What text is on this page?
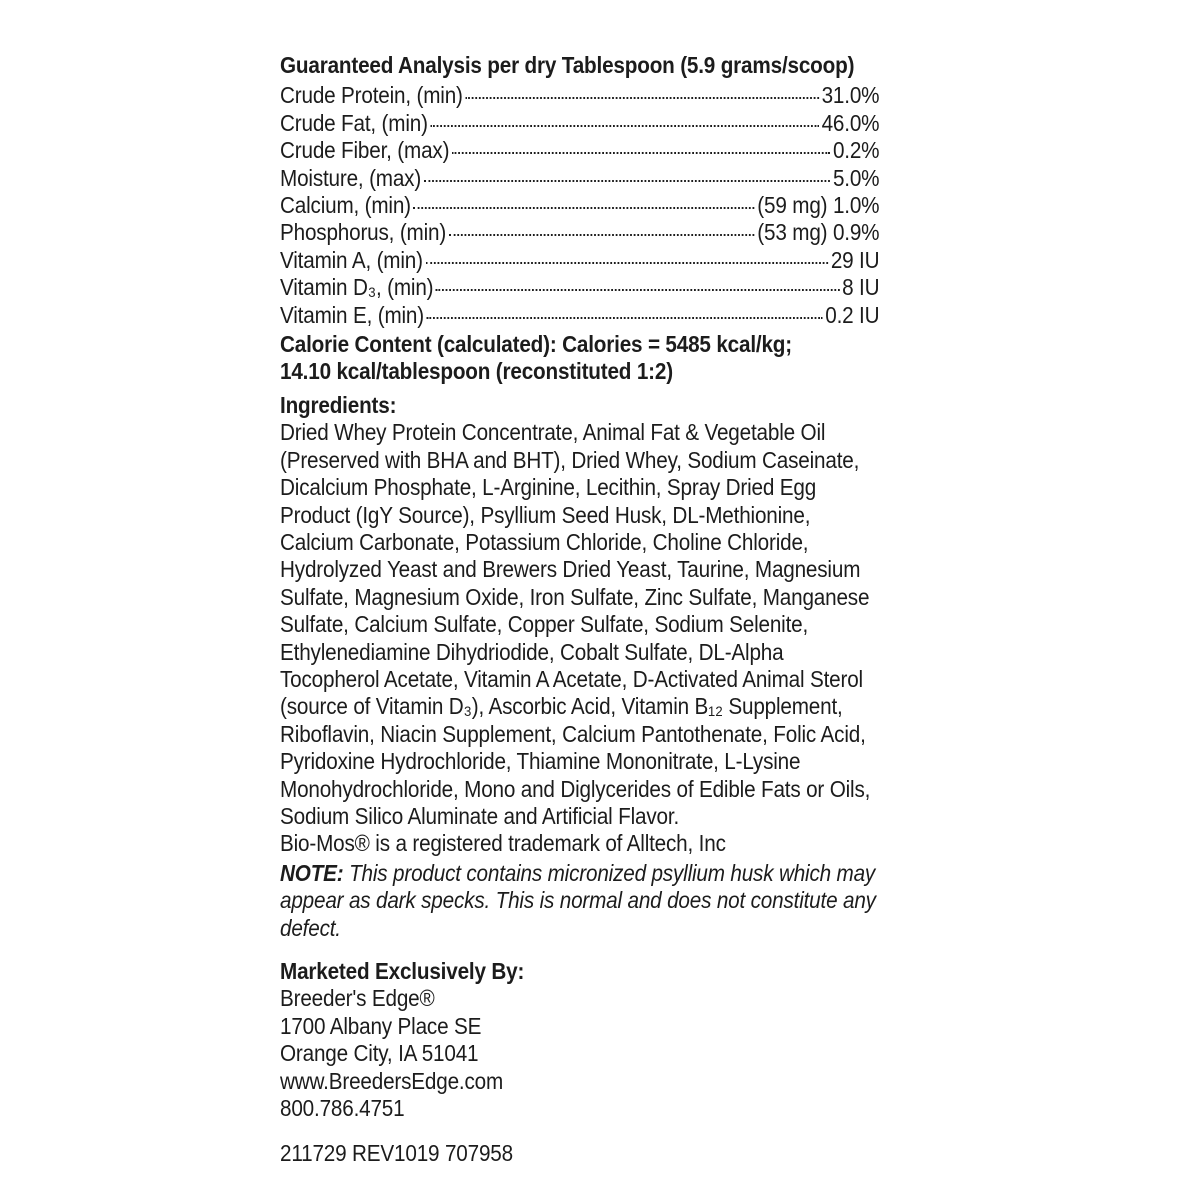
Guaranteed Analysis per dry Tablespoon (5.9 grams/scoop)
Crude Protein, (min)	31.0%
Crude Fat, (min)	46.0%
Crude Fiber, (max)	0.2%
Moisture, (max)	5.0%
Calcium, (min)	(59 mg) 1.0%
Phosphorus, (min)	(53 mg) 0.9%
Vitamin A, (min)	29 IU
Vitamin D₃, (min)	8 IU
Vitamin E, (min)	0.2 IU
Calorie Content (calculated): Calories = 5485 kcal/kg;
14.10 kcal/tablespoon (reconstituted 1:2)
Ingredients:
Dried Whey Protein Concentrate, Animal Fat & Vegetable Oil (Preserved with BHA and BHT), Dried Whey, Sodium Caseinate, Dicalcium Phosphate, L-Arginine, Lecithin, Spray Dried Egg Product (IgY Source), Psyllium Seed Husk, DL-Methionine, Calcium Carbonate, Potassium Chloride, Choline Chloride, Hydrolyzed Yeast and Brewers Dried Yeast, Taurine, Magnesium Sulfate, Magnesium Oxide, Iron Sulfate, Zinc Sulfate, Manganese Sulfate, Calcium Sulfate, Copper Sulfate, Sodium Selenite, Ethylenediamine Dihydriodide, Cobalt Sulfate, DL-Alpha Tocopherol Acetate, Vitamin A Acetate, D-Activated Animal Sterol (source of Vitamin D₃), Ascorbic Acid, Vitamin B₁₂ Supplement, Riboflavin, Niacin Supplement, Calcium Pantothenate, Folic Acid, Pyridoxine Hydrochloride, Thiamine Mononitrate, L-Lysine Monohydrochloride, Mono and Diglycerides of Edible Fats or Oils, Sodium Silico Aluminate and Artificial Flavor.
Bio-Mos® is a registered trademark of Alltech, Inc
NOTE: This product contains micronized psyllium husk which may appear as dark specks. This is normal and does not constitute any defect.
Marketed Exclusively By:
Breeder's Edge®
1700 Albany Place SE
Orange City, IA 51041
www.BreedersEdge.com
800.786.4751
211729 REV1019 707958
